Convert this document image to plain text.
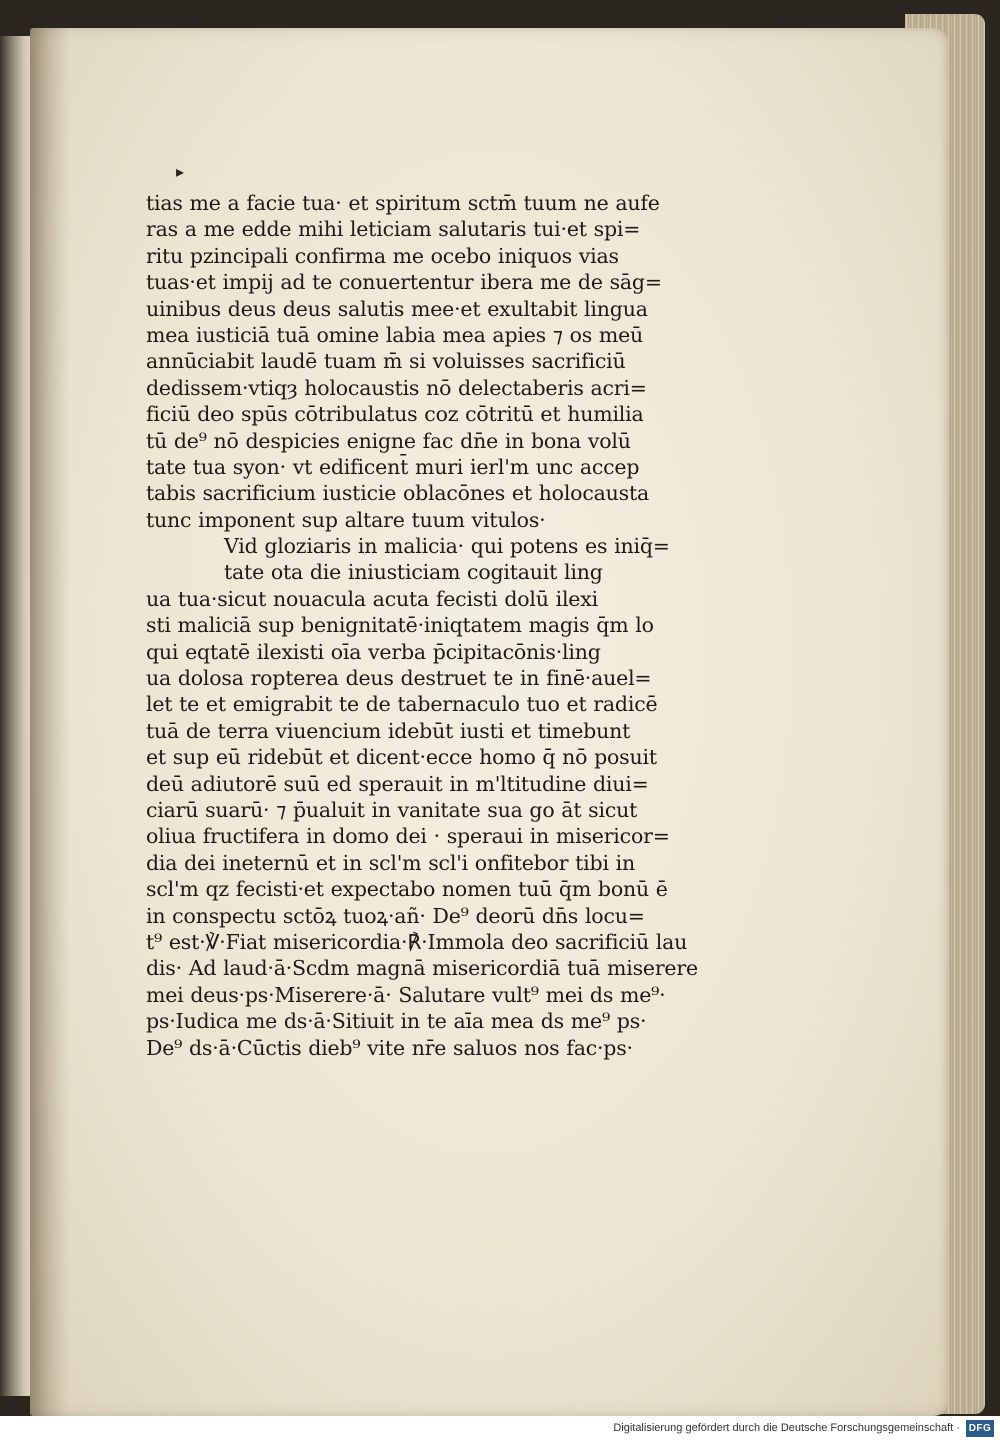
▸
tias me a facie tua· et spiritum sctm̄ tuum ne aufe
ras a me edde mihi leticiam salutaris tui·et spi=
ritu pzincipali confirma me ocebo iniquos vias
tuas·et impij ad te conuertentur ibera me de sāg=
uinibus deus deus salutis mee·et exultabit lingua
mea iusticiā tuā omine labia mea apies ⁊ os meū
annūciabit laudē tuam m̄ si voluisses sacrificiū
dedissem·vtiqȝ holocaustis nō delectaberis acri=
ficiū deo spūs cōtribulatus coz cōtritū et humilia
tū de⁹ nō despicies enigne fac dn̄e in bona volū
tate tua syon· vt edificent̄ muri ierl'm unc accep
tabis sacrificium iusticie oblacōnes et holocausta
tunc imponent sup altare tuum vitulos·
Vid gloziaris in malicia· qui potens es iniq̄=
tate ota die iniusticiam cogitauit ling
ua tua·sicut nouacula acuta fecisti dolū ilexi
sti maliciā sup benignitatē·iniqtatem magis q̄m lo
qui eqtatē ilexisti oīa verba p̄cipitacōnis·ling
ua dolosa ropterea deus destruet te in finē·auel=
let te et emigrabit te de tabernaculo tuo et radicē
tuā de terra viuencium idebūt iusti et timebunt
et sup eū ridebūt et dicent·ecce homo q̄ nō posuit
deū adiutorē suū ed sperauit in m'ltitudine diui=
ciarū suarū· ⁊ p̄ualuit in vanitate sua go āt sicut
oliua fructifera in domo dei · speraui in misericor=
dia dei ineternū et in scl'm scl'i onfitebor tibi in
scl'm qz fecisti·et expectabo nomen tuū q̄m bonū ē
in conspectu sctōꝝ tuoꝝ·añ· De⁹ deorū dn̄s locu=
t⁹ est·℣·Fiat misericordia·℟·Immola deo sacrificiū lau
dis· Ad laud·ā·Scdm magnā misericordiā tuā miserere
mei deus·ps·Miserere·ā· Salutare vult⁹ mei ds me⁹·
ps·Iudica me ds·ā·Sitiuit in te aīa mea ds me⁹ ps·
De⁹ ds·ā·Cūctis dieb⁹ vite nr̄e saluos nos fac·ps·
Digitalisierung gefördert durch die Deutsche Forschungsgemeinschaft · DFG
